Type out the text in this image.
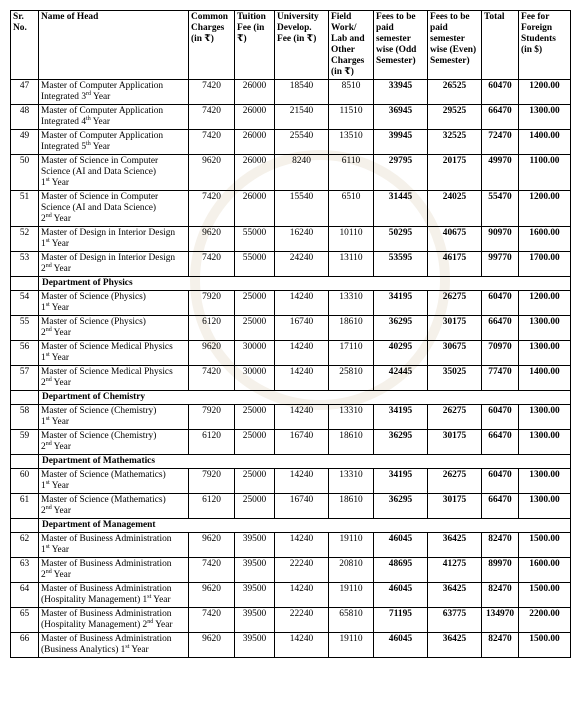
Sr. No.	Name of Head	Common Charges (in ₹)	Tuition Fee (in ₹)	University Develop. Fee (in ₹)	Field Work/ Lab and Other Charges (in ₹)	Fees to be paid semester wise (Odd Semester)	Fees to be paid semester wise (Even) Semester)	Total	Fee for Foreign Students (in $)
47	Master of Computer Application
Integrated 3rd Year	7420	26000	18540	8510	33945	26525	60470	1200.00
48	Master of Computer Application
Integrated 4th Year	7420	26000	21540	11510	36945	29525	66470	1300.00
49	Master of Computer Application
Integrated 5th Year	7420	26000	25540	13510	39945	32525	72470	1400.00
50	Master of Science in Computer Science (AI and Data Science)
1st Year	9620	26000	8240	6110	29795	20175	49970	1100.00
51	Master of Science in Computer Science (AI and Data Science)
2nd Year	7420	26000	15540	6510	31445	24025	55470	1200.00
52	Master of Design in Interior Design
1st Year	9620	55000	16240	10110	50295	40675	90970	1600.00
53	Master of Design in Interior Design
2nd Year	7420	55000	24240	13110	53595	46175	99770	1700.00
	Department of Physics								
54	Master of Science (Physics)
1st Year	7920	25000	14240	13310	34195	26275	60470	1200.00
55	Master of Science (Physics)
2nd Year	6120	25000	16740	18610	36295	30175	66470	1300.00
56	Master of Science Medical Physics
1st Year	9620	30000	14240	17110	40295	30675	70970	1300.00
57	Master of Science Medical Physics
2nd Year	7420	30000	14240	25810	42445	35025	77470	1400.00
	Department of Chemistry								
58	Master of Science (Chemistry)
1st Year	7920	25000	14240	13310	34195	26275	60470	1300.00
59	Master of Science (Chemistry)
2nd Year	6120	25000	16740	18610	36295	30175	66470	1300.00
	Department of Mathematics								
60	Master of Science (Mathematics)
1st Year	7920	25000	14240	13310	34195	26275	60470	1300.00
61	Master of Science (Mathematics)
2nd Year	6120	25000	16740	18610	36295	30175	66470	1300.00
	Department of Management								
62	Master of Business Administration
1st Year	9620	39500	14240	19110	46045	36425	82470	1500.00
63	Master of Business Administration
2nd Year	7420	39500	22240	20810	48695	41275	89970	1600.00
64	Master of Business Administration (Hospitality Management) 1st Year	9620	39500	14240	19110	46045	36425	82470	1500.00
65	Master of Business Administration (Hospitality Management) 2nd Year	7420	39500	22240	65810	71195	63775	134970	2200.00
66	Master of Business Administration (Business Analytics) 1st Year	9620	39500	14240	19110	46045	36425	82470	1500.00
